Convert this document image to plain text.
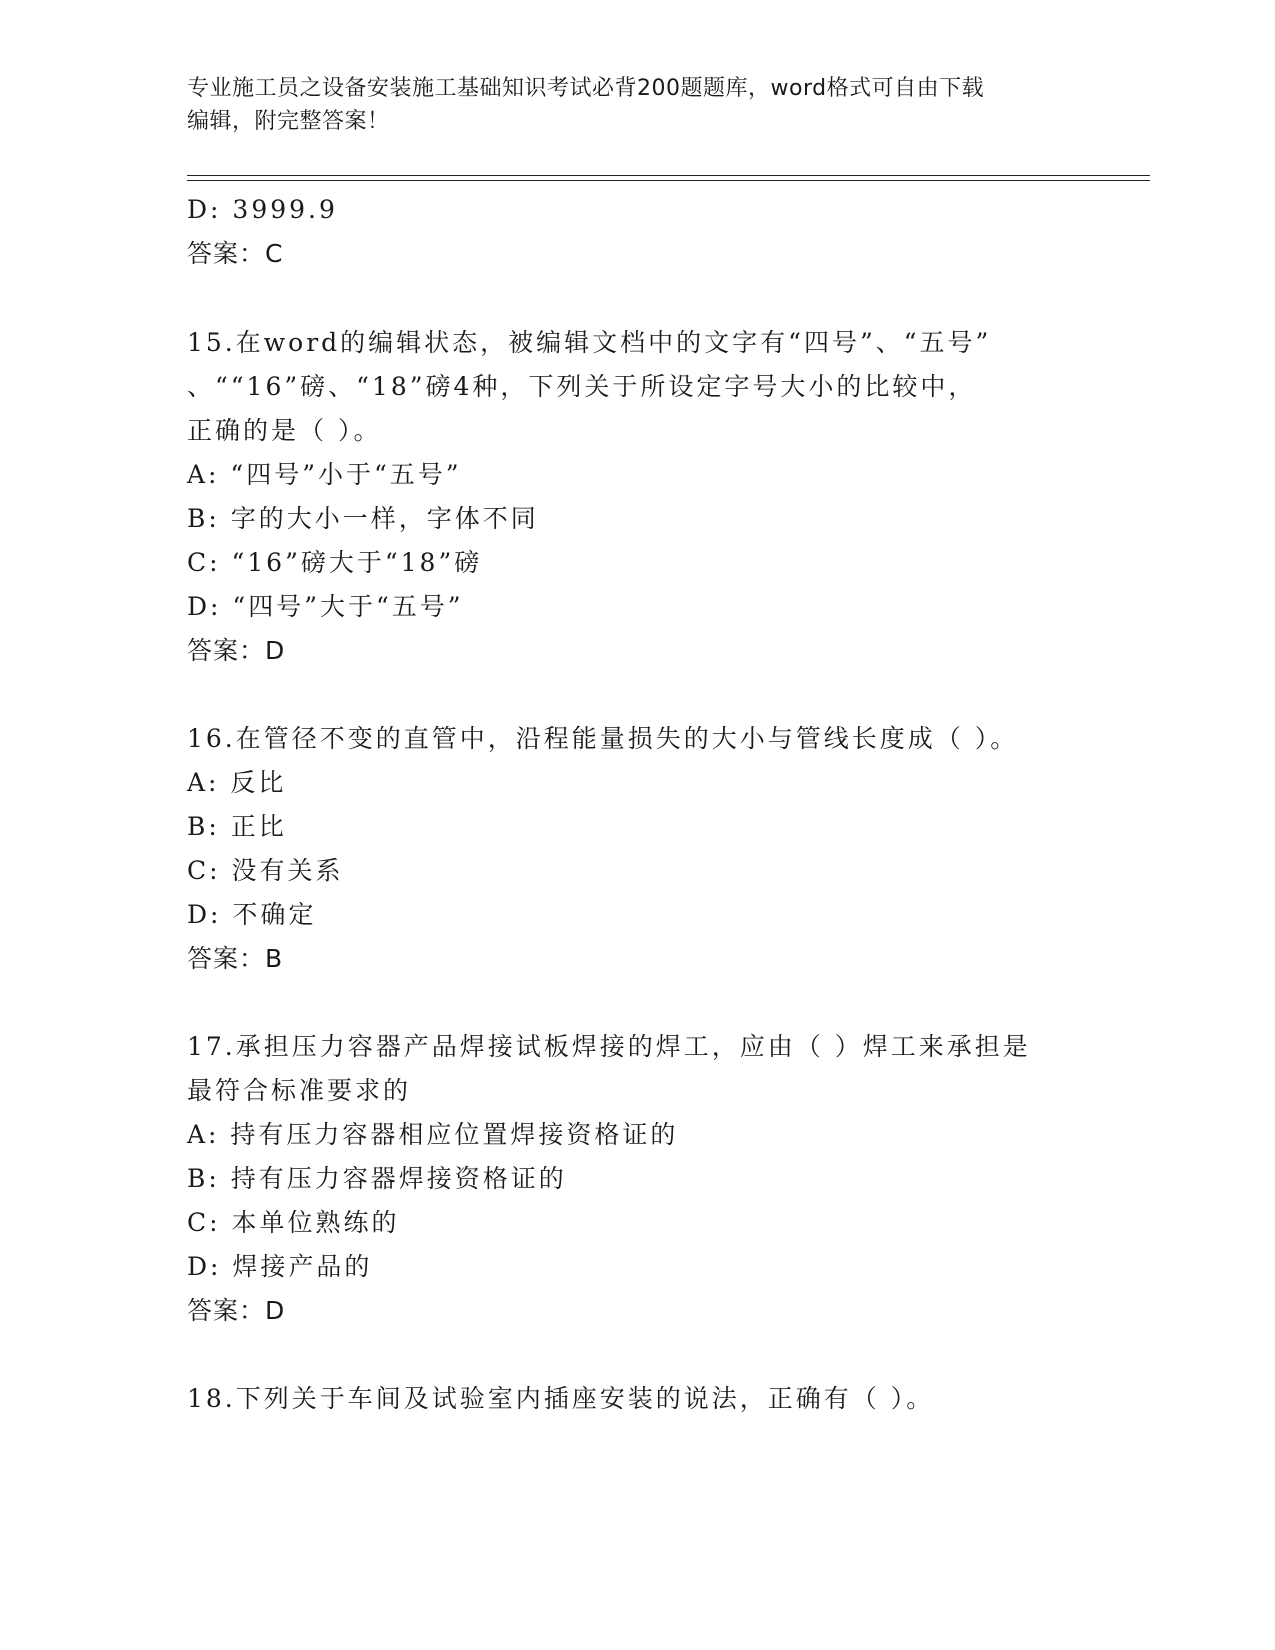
专业施工员之设备安装施工基础知识考试必背200题题库，word格式可自由下载
编辑，附完整答案！
D: 3999.9
答案：C
15.在word的编辑状态，被编辑文档中的文字有“四号”、“五号”
、““16”磅、“18”磅4种，下列关于所设定字号大小的比较中，
正确的是（ ）。
A: “四号”小于“五号”
B: 字的大小一样，字体不同
C: “16”磅大于“18”磅
D: “四号”大于“五号”
答案：D
16.在管径不变的直管中，沿程能量损失的大小与管线长度成（ ）。
A: 反比
B: 正比
C: 没有关系
D: 不确定
答案：B
17.承担压力容器产品焊接试板焊接的焊工，应由（ ）焊工来承担是
最符合标准要求的
A: 持有压力容器相应位置焊接资格证的
B: 持有压力容器焊接资格证的
C: 本单位熟练的
D: 焊接产品的
答案：D
18.下列关于车间及试验室内插座安装的说法，正确有（ ）。
